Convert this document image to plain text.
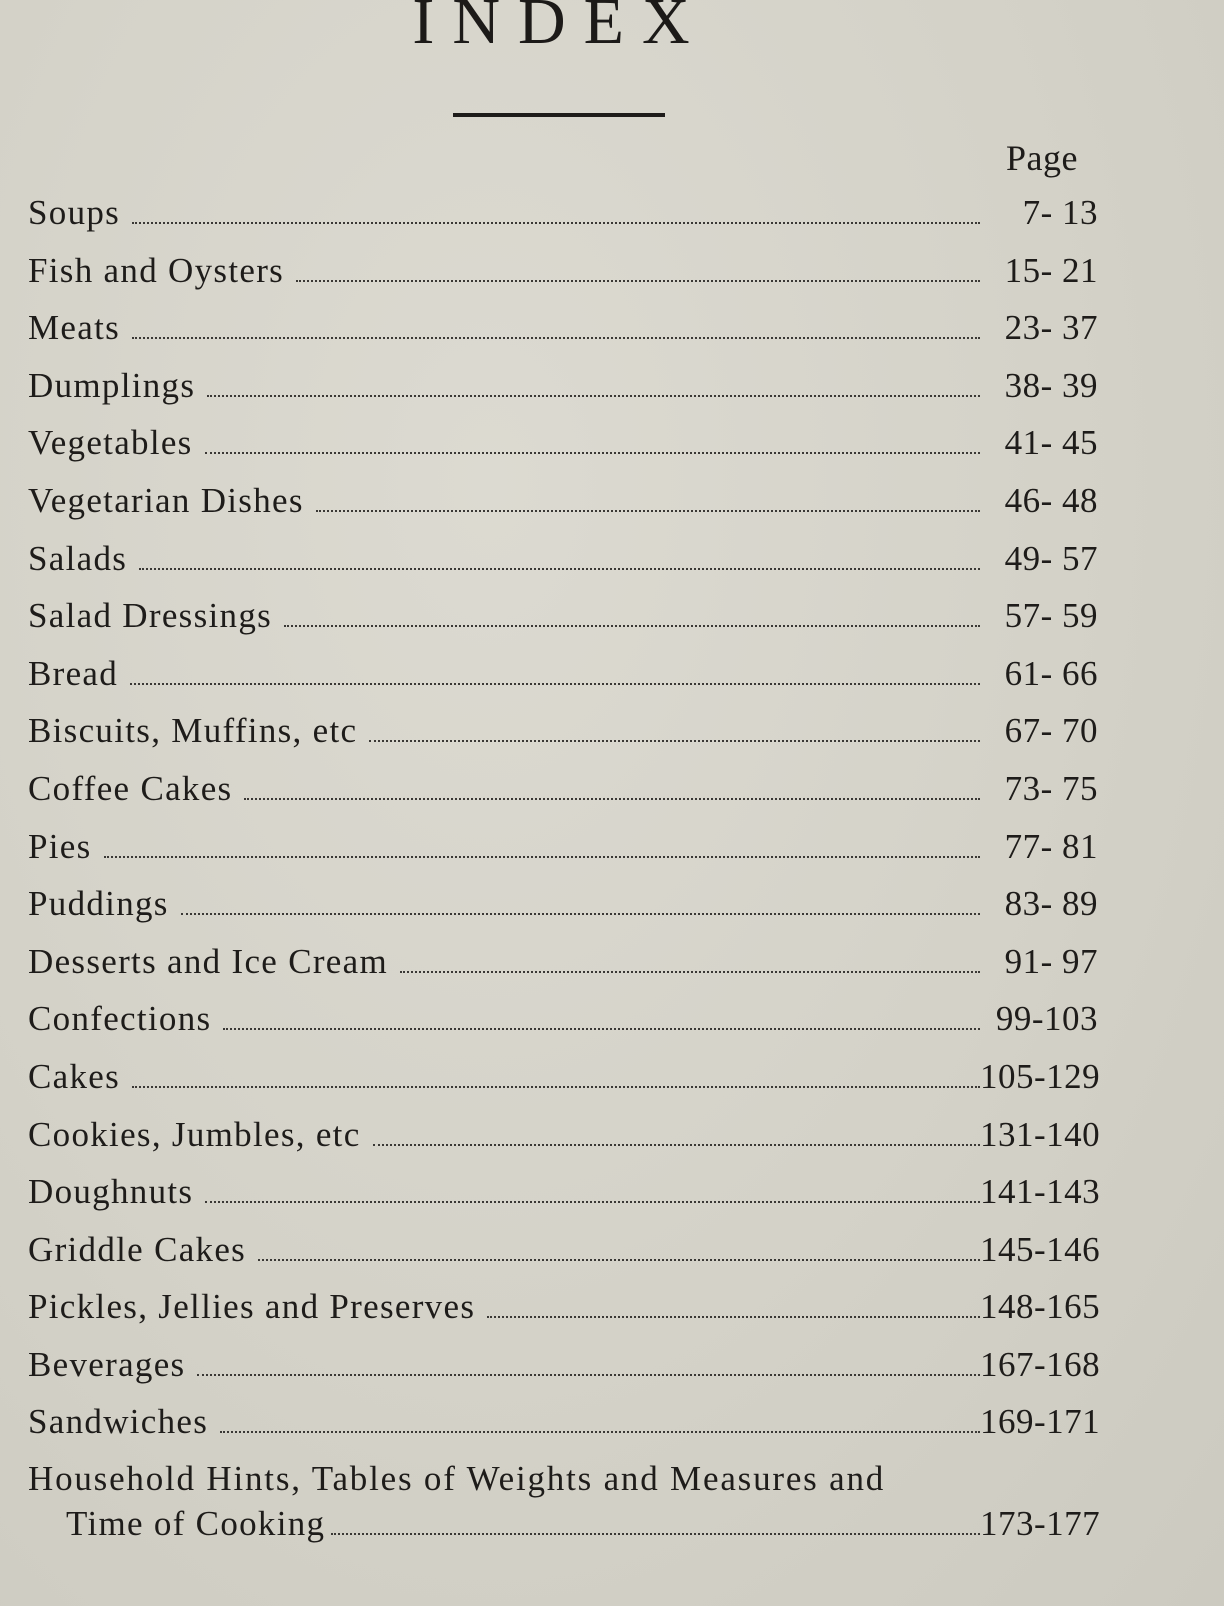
INDEX
Page
Soups	7- 13
Fish and Oysters	15- 21
Meats	23- 37
Dumplings	38- 39
Vegetables	41- 45
Vegetarian Dishes	46- 48
Salads	49- 57
Salad Dressings	57- 59
Bread	61- 66
Biscuits, Muffins, etc	67- 70
Coffee Cakes	73- 75
Pies	77- 81
Puddings	83- 89
Desserts and Ice Cream	91- 97
Confections	99-103
Cakes	105-129
Cookies, Jumbles, etc	131-140
Doughnuts	141-143
Griddle Cakes	145-146
Pickles, Jellies and Preserves	148-165
Beverages	167-168
Sandwiches	169-171
Household Hints, Tables of Weights and Measures and
Time of Cooking	173-177
